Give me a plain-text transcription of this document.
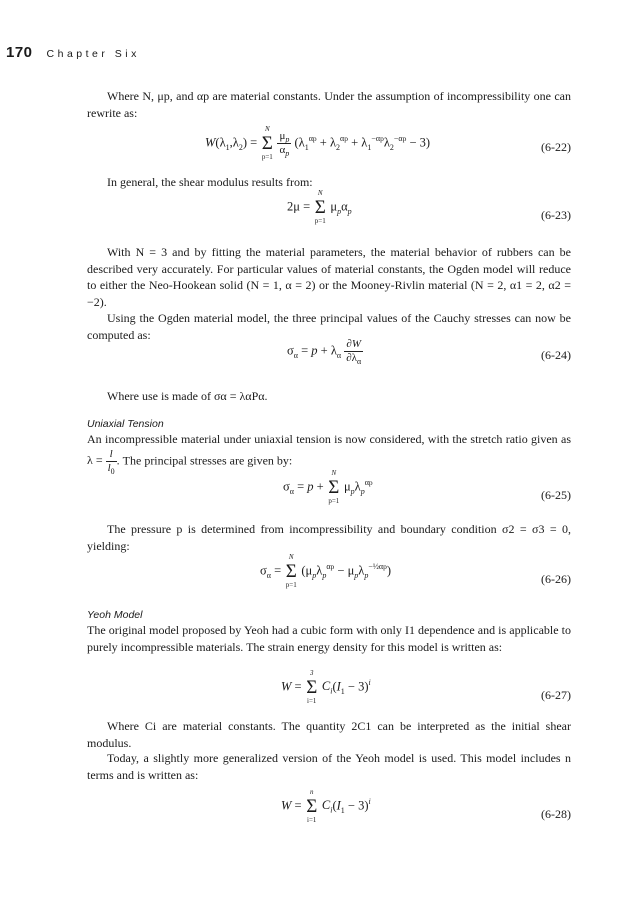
170 Chapter Six
Where N, μp, and αp are material constants. Under the assumption of incompressibility one can rewrite as:
$W(\lambda_1,\lambda_2)$ =
N
Σ
p=1
$\frac{\mu_p}{\alpha_p} (\lambda_1^{\alpha p} + \lambda_2^{\alpha p} + \lambda_1^{-\alpha p}\lambda_2^{-\alpha p} - 3)$	(6-22)
In general, the shear modulus results from:
2μ =
N
Σ
p=1
$\mu_p\alpha_p$	(6-23)
With N = 3 and by fitting the material parameters, the material behavior of rubbers can be described very accurately. For particular values of material constants, the Ogden model will reduce to either the Neo-Hookean solid (N = 1, α = 2) or the Mooney-Rivlin material (N = 2, α1 = 2, α2 = −2).
Using the Ogden material model, the three principal values of the Cauchy stresses can now be computed as:
$\sigma_\alpha = p + \lambda_\alpha \frac{\partial W}{\partial\lambda_\alpha}$	(6-24)
Where use is made of σα = λαPα.
Uniaxial Tension
An incompressible material under uniaxial tension is now considered, with the stretch ratio given as $\lambda = \frac{l}{l_0}$ . The principal stresses are given by:
$\sigma_\alpha = p$ +
N
Σ
p=1
$\mu_p\lambda_p^{\alpha p}$
(6-25)
The pressure p is determined from incompressibility and boundary condition σ2 = σ3 = 0, yielding:
$\sigma_\alpha$ =
N
Σ
p=1
$(\mu_p\lambda_p^{\alpha p} - \mu_p\lambda_p^{-\frac{1}{2}\alpha p})$
(6-26)
Yeoh Model
The original model proposed by Yeoh had a cubic form with only I1 dependence and is applicable to purely incompressible materials. The strain energy density for this model is written as:
W =
3
Σ
i=1
$C_i(I_1 - 3)^i$
(6-27)
Where Ci are material constants. The quantity 2C1 can be interpreted as the initial shear modulus.
Today, a slightly more generalized version of the Yeoh model is used. This model includes n terms and is written as:
W =
n
Σ
i=1
$C_i(I_1 - 3)^i$
(6-28)
